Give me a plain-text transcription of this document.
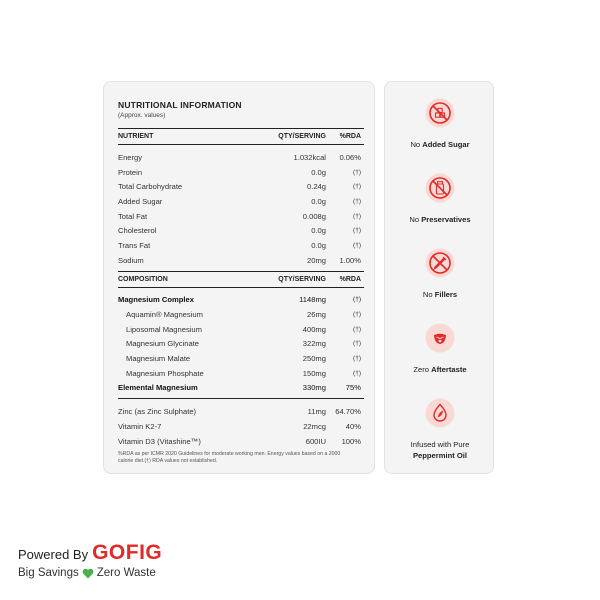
NUTRITIONAL INFORMATION
(Approx. values)
NUTRIENT	QTY/SERVING	%RDA
Energy	1.032kcal	0.06%
Protein	0.0g	(†)
Total Carbohydrate	0.24g	(†)
Added Sugar	0.0g	(†)
Total Fat	0.008g	(†)
Cholesterol	0.0g	(†)
Trans Fat	0.0g	(†)
Sodium	20mg	1.00%
COMPOSITION	QTY/SERVING	%RDA
Magnesium Complex	1148mg	(†)
Aquamin® Magnesium	26mg	(†)
Liposomal Magnesium	400mg	(†)
Magnesium Glycinate	322mg	(†)
Magnesium Malate	250mg	(†)
Magnesium Phosphate	150mg	(†)
Elemental Magnesium	330mg	75%
Zinc (as Zinc Sulphate)	11mg	64.70%
Vitamin K2-7	22mcg	40%
Vitamin D3 (Vitashine™)	600IU	100%
%RDA as per ICMR 2020 Guidelines for moderate working men. Energy values based on a 2000 calorie diet.(†) RDA values not established.
No Added Sugar
No Preservatives
No Fillers
Zero Aftertaste
Infused with Pure
Peppermint Oil
Powered By GOFIG
Big Savings Zero Waste
